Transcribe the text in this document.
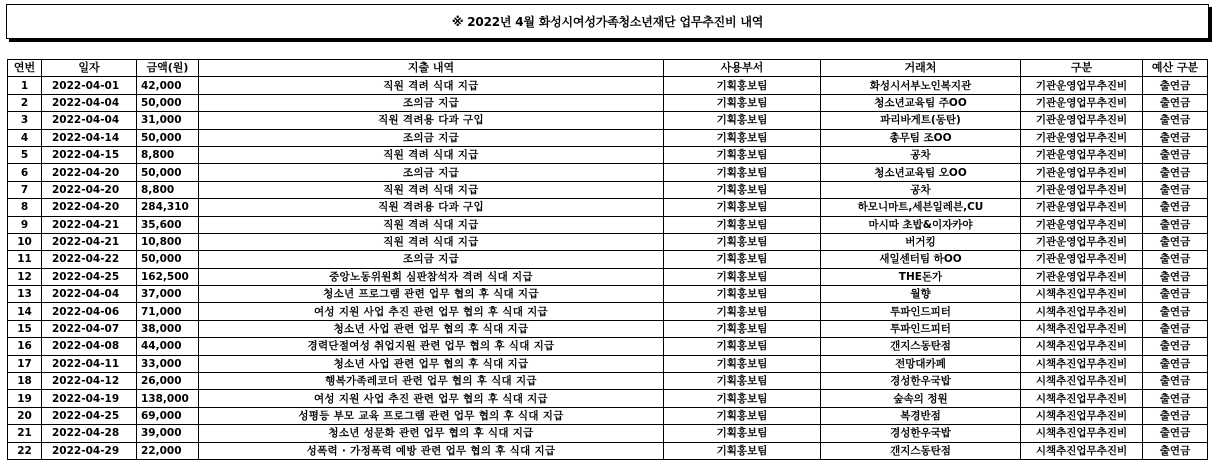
※ 2022년 4월 화성시여성가족청소년재단 업무추진비 내역
연번	일자	금액(원)	지출 내역	사용부서	거래처	구분	예산 구분
1	2022-04-01	42,000	직원 격려 식대 지급	기획홍보팀	화성시서부노인복지관	기관운영업무추진비	출연금
2	2022-04-04	50,000	조의금 지급	기획홍보팀	청소년교육팀 주OO	기관운영업무추진비	출연금
3	2022-04-04	31,000	직원 격려용 다과 구입	기획홍보팀	파리바게트(동탄)	기관운영업무추진비	출연금
4	2022-04-14	50,000	조의금 지급	기획홍보팀	총무팀 조OO	기관운영업무추진비	출연금
5	2022-04-15	8,800	직원 격려 식대 지급	기획홍보팀	공차	기관운영업무추진비	출연금
6	2022-04-20	50,000	조의금 지급	기획홍보팀	청소년교육팀 오OO	기관운영업무추진비	출연금
7	2022-04-20	8,800	직원 격려 식대 지급	기획홍보팀	공차	기관운영업무추진비	출연금
8	2022-04-20	284,310	직원 격려용 다과 구입	기획홍보팀	하모니마트,세븐일레븐,CU	기관운영업무추진비	출연금
9	2022-04-21	35,600	직원 격려 식대 지급	기획홍보팀	마시따 초밥&이자카야	기관운영업무추진비	출연금
10	2022-04-21	10,800	직원 격려 식대 지급	기획홍보팀	버거킹	기관운영업무추진비	출연금
11	2022-04-22	50,000	조의금 지급	기획홍보팀	새일센터팀 하OO	기관운영업무추진비	출연금
12	2022-04-25	162,500	중앙노동위원회 심판참석자 격려 식대 지급	기획홍보팀	THE돈가	기관운영업무추진비	출연금
13	2022-04-04	37,000	청소년 프로그램 관련 업무 협의 후 식대 지급	기획홍보팀	월향	시책추진업무추진비	출연금
14	2022-04-06	71,000	여성 지원 사업 추진 관련 업무 협의 후 식대 지급	기획홍보팀	투파인드피터	시책추진업무추진비	출연금
15	2022-04-07	38,000	청소년 사업 관련 업무 협의 후 식대 지급	기획홍보팀	투파인드피터	시책추진업무추진비	출연금
16	2022-04-08	44,000	경력단절여성 취업지원 관련 업무 협의 후 식대 지급	기획홍보팀	갠지스동탄점	시책추진업무추진비	출연금
17	2022-04-11	33,000	청소년 사업 관련 업무 협의 후 식대 지급	기획홍보팀	전망대카페	시책추진업무추진비	출연금
18	2022-04-12	26,000	행복가족레코더 관련 업무 협의 후 식대 지급	기획홍보팀	경성한우국밥	시책추진업무추진비	출연금
19	2022-04-19	138,000	여성 지원 사업 추진 관련 업무 협의 후 식대 지급	기획홍보팀	숲속의 정원	시책추진업무추진비	출연금
20	2022-04-25	69,000	성평등 부모 교육 프로그램 관련 업무 협의 후 식대 지급	기획홍보팀	복경반점	시책추진업무추진비	출연금
21	2022-04-28	39,000	청소년 성문화 관련 업무 협의 후 식대 지급	기획홍보팀	경성한우국밥	시책추진업무추진비	출연금
22	2022-04-29	22,000	성폭력 · 가정폭력 예방 관련 업무 협의 후 식대 지급	기획홍보팀	갠지스동탄점	시책추진업무추진비	출연금
